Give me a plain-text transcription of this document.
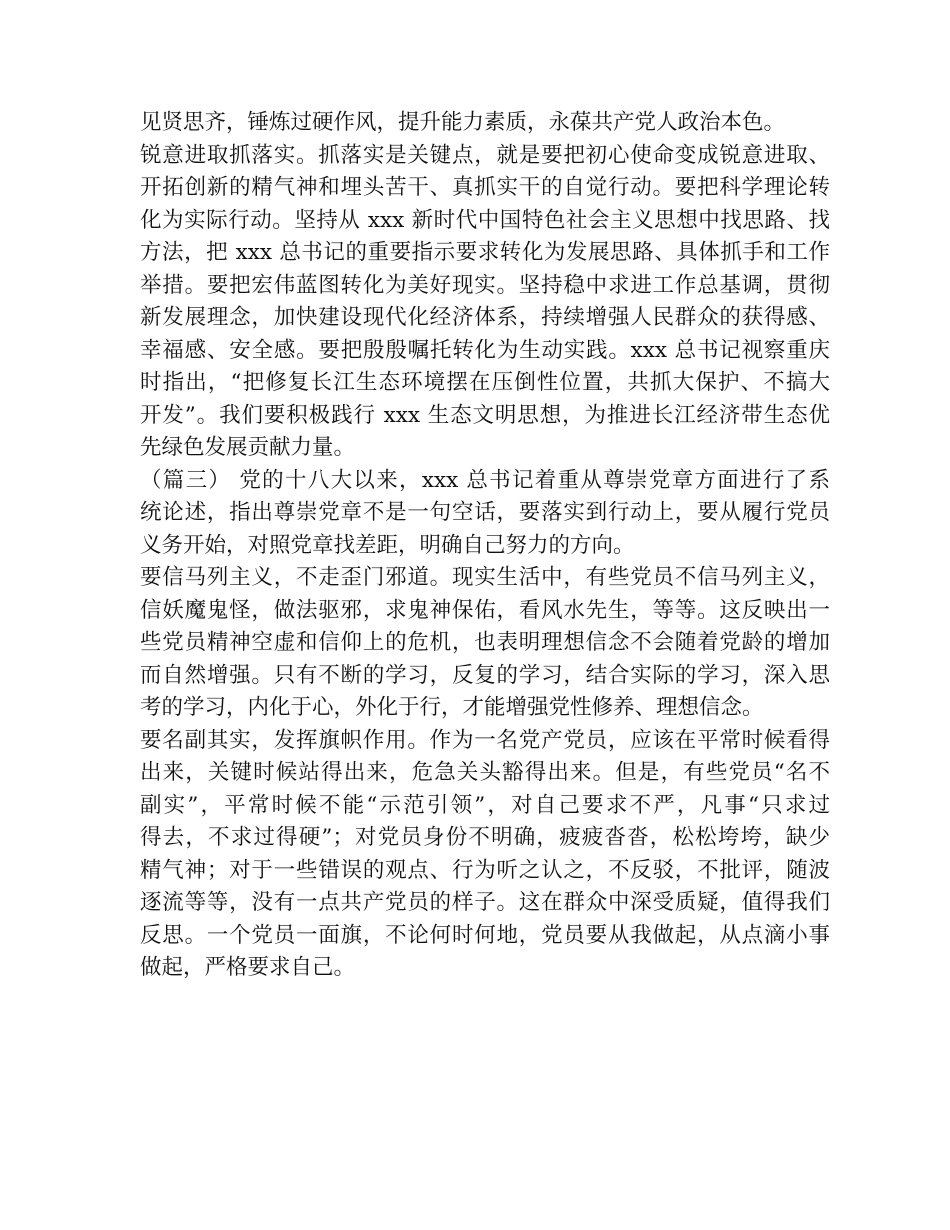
见贤思齐，锤炼过硬作风，提升能力素质，永葆共产党人政治本色。
锐意进取抓落实。抓落实是关键点，就是要把初心使命变成锐意进取、
开拓创新的精气神和埋头苦干、真抓实干的自觉行动。要把科学理论转
化为实际行动。坚持从 xxx 新时代中国特色社会主义思想中找思路、找
方法，把 xxx 总书记的重要指示要求转化为发展思路、具体抓手和工作
举措。要把宏伟蓝图转化为美好现实。坚持稳中求进工作总基调，贯彻
新发展理念，加快建设现代化经济体系，持续增强人民群众的获得感、
幸福感、安全感。要把殷殷嘱托转化为生动实践。xxx 总书记视察重庆
时指出，“把修复长江生态环境摆在压倒性位置，共抓大保护、不搞大
开发”。我们要积极践行 xxx 生态文明思想，为推进长江经济带生态优
先绿色发展贡献力量。
（篇三） 党的十八大以来，xxx 总书记着重从尊崇党章方面进行了系
统论述，指出尊崇党章不是一句空话，要落实到行动上，要从履行党员
义务开始，对照党章找差距，明确自己努力的方向。
要信马列主义，不走歪门邪道。现实生活中，有些党员不信马列主义，
信妖魔鬼怪，做法驱邪，求鬼神保佑，看风水先生，等等。这反映出一
些党员精神空虚和信仰上的危机，也表明理想信念不会随着党龄的增加
而自然增强。只有不断的学习，反复的学习，结合实际的学习，深入思
考的学习，内化于心，外化于行，才能增强党性修养、理想信念。
要名副其实，发挥旗帜作用。作为一名党产党员，应该在平常时候看得
出来，关键时候站得出来，危急关头豁得出来。但是，有些党员“名不
副实”，平常时候不能“示范引领”，对自己要求不严，凡事“只求过
得去，不求过得硬”；对党员身份不明确，疲疲沓沓，松松垮垮，缺少
精气神；对于一些错误的观点、行为听之认之，不反驳，不批评，随波
逐流等等，没有一点共产党员的样子。这在群众中深受质疑，值得我们
反思。一个党员一面旗，不论何时何地，党员要从我做起，从点滴小事
做起，严格要求自己。
